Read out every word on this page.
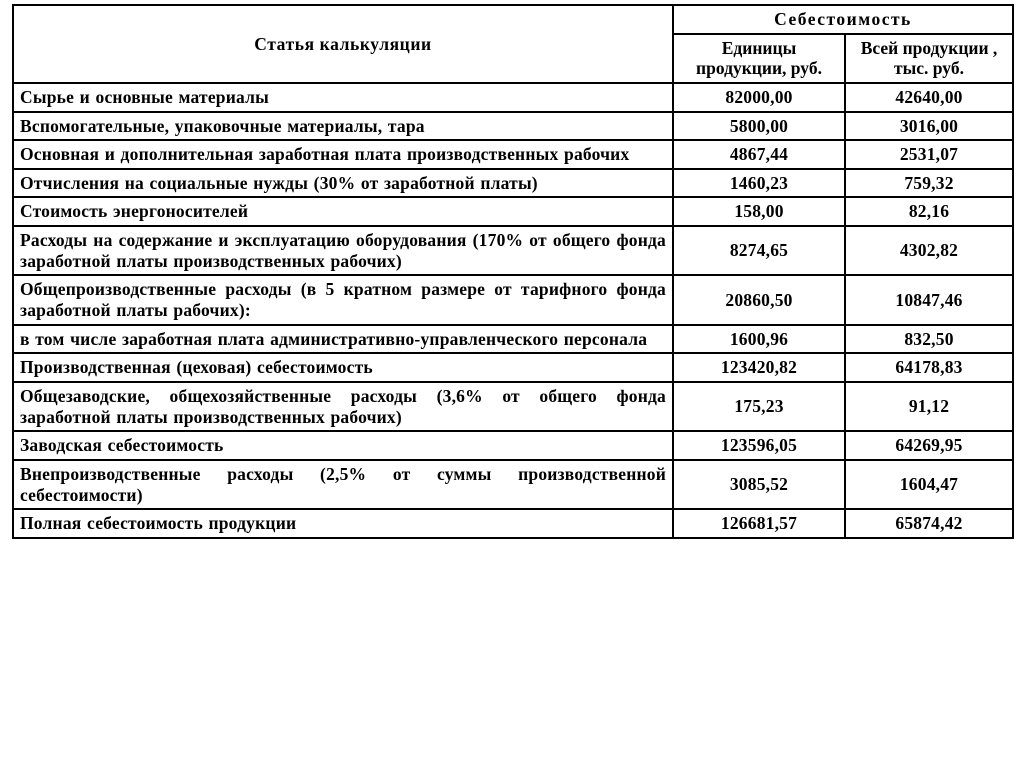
Статья калькуляции	Себестоимость	
	Единицы продукции, руб.	Всей продукции , тыс. руб.
Сырье и основные материалы	82000,00	42640,00
Вспомогательные, упаковочные материалы, тара	5800,00	3016,00
Основная и дополнительная заработная плата производственных рабочих	4867,44	2531,07
Отчисления на социальные нужды (30% от заработной платы)	1460,23	759,32
Стоимость энергоносителей	158,00	82,16
Расходы на содержание и эксплуатацию оборудования (170% от общего фонда заработной платы производственных рабочих)	8274,65	4302,82
Общепроизводственные расходы (в 5 кратном размере от тарифного фонда заработной платы рабочих):	20860,50	10847,46
в том числе заработная плата административно-управленческого персонала	1600,96	832,50
Производственная (цеховая) себестоимость	123420,82	64178,83
Общезаводские, общехозяйственные расходы (3,6% от общего фонда заработной платы производственных рабочих)	175,23	91,12
Заводская себестоимость	123596,05	64269,95
Внепроизводственные расходы (2,5% от суммы производственной себестоимости)	3085,52	1604,47
Полная себестоимость продукции	126681,57	65874,42
